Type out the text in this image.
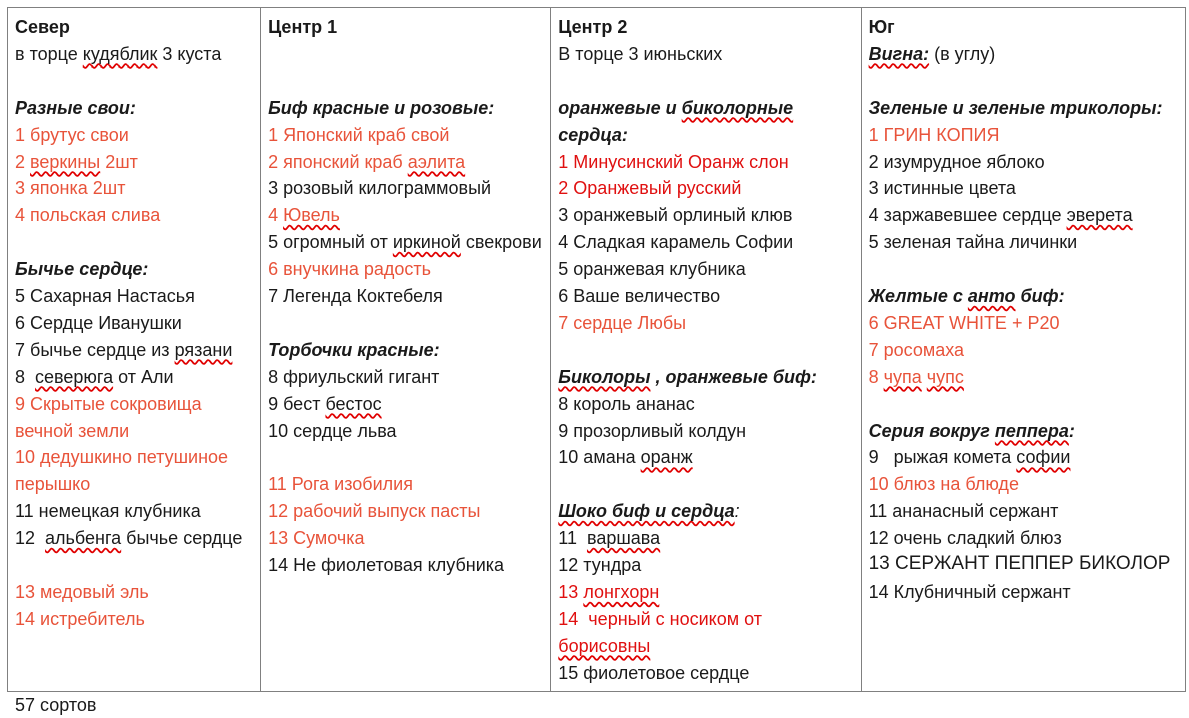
Север
в торце кудяблик 3 куста
Разные свои:
1 брутус свои
2 веркины 2шт
3 японка 2шт
4 польская слива
Бычье сердце:
5 Сахарная Настасья
6 Сердце Иванушки
7 бычье сердце из рязани
8  северюга от Али
9 Скрытые сокровища вечной земли
10 дедушкино петушиное перышко
11 немецкая клубника
12  альбенга бычье сердце
13 медовый эль
14 истребитель

Центр 1
Биф красные и розовые:
1 Японский краб свой
2 японский краб аэлита
3 розовый килограммовый
4 Ювель
5 огромный от иркиной свекрови
6 внучкина радость
7 Легенда Коктебеля
Торбочки красные:
8 фриульский гигант
9 бест бестос
10 сердце льва
11 Рога изобилия
12 рабочий выпуск пасты
13 Сумочка
14 Не фиолетовая клубника

Центр 2
В торце 3 июньских
оранжевые и биколорные сердца:
1 Минусинский Оранж слон
2 Оранжевый русский
3 оранжевый орлиный клюв
4 Сладкая карамель Софии
5 оранжевая клубника
6 Ваше величество
7 сердце Любы
Биколоры , оранжевые биф:
8 король ананас
9 прозорливый колдун
10 амана оранж
Шоко биф и сердца:
11  варшава
12 тундра
13 лонгхорн
14  черный с носиком от борисовны
15 фиолетовое сердце

Юг
Вигна: (в углу)
Зеленые и зеленые триколоры:
1 ГРИН КОПИЯ
2 изумрудное яблоко
3 истинные цвета
4 заржавевшее сердце эверета
5 зеленая тайна личинки
Желтые с анто биф:
6 GREAT WHITE + P20
7 росомаха
8 чупа чупс
Серия вокруг пеппера:
9   рыжая комета софии
10 блюз на блюде
11 ананасный сержант
12 очень сладкий блюз
13 СЕРЖАНТ ПЕППЕР БИКОЛОР
14 Клубничный сержант
57 сортов
